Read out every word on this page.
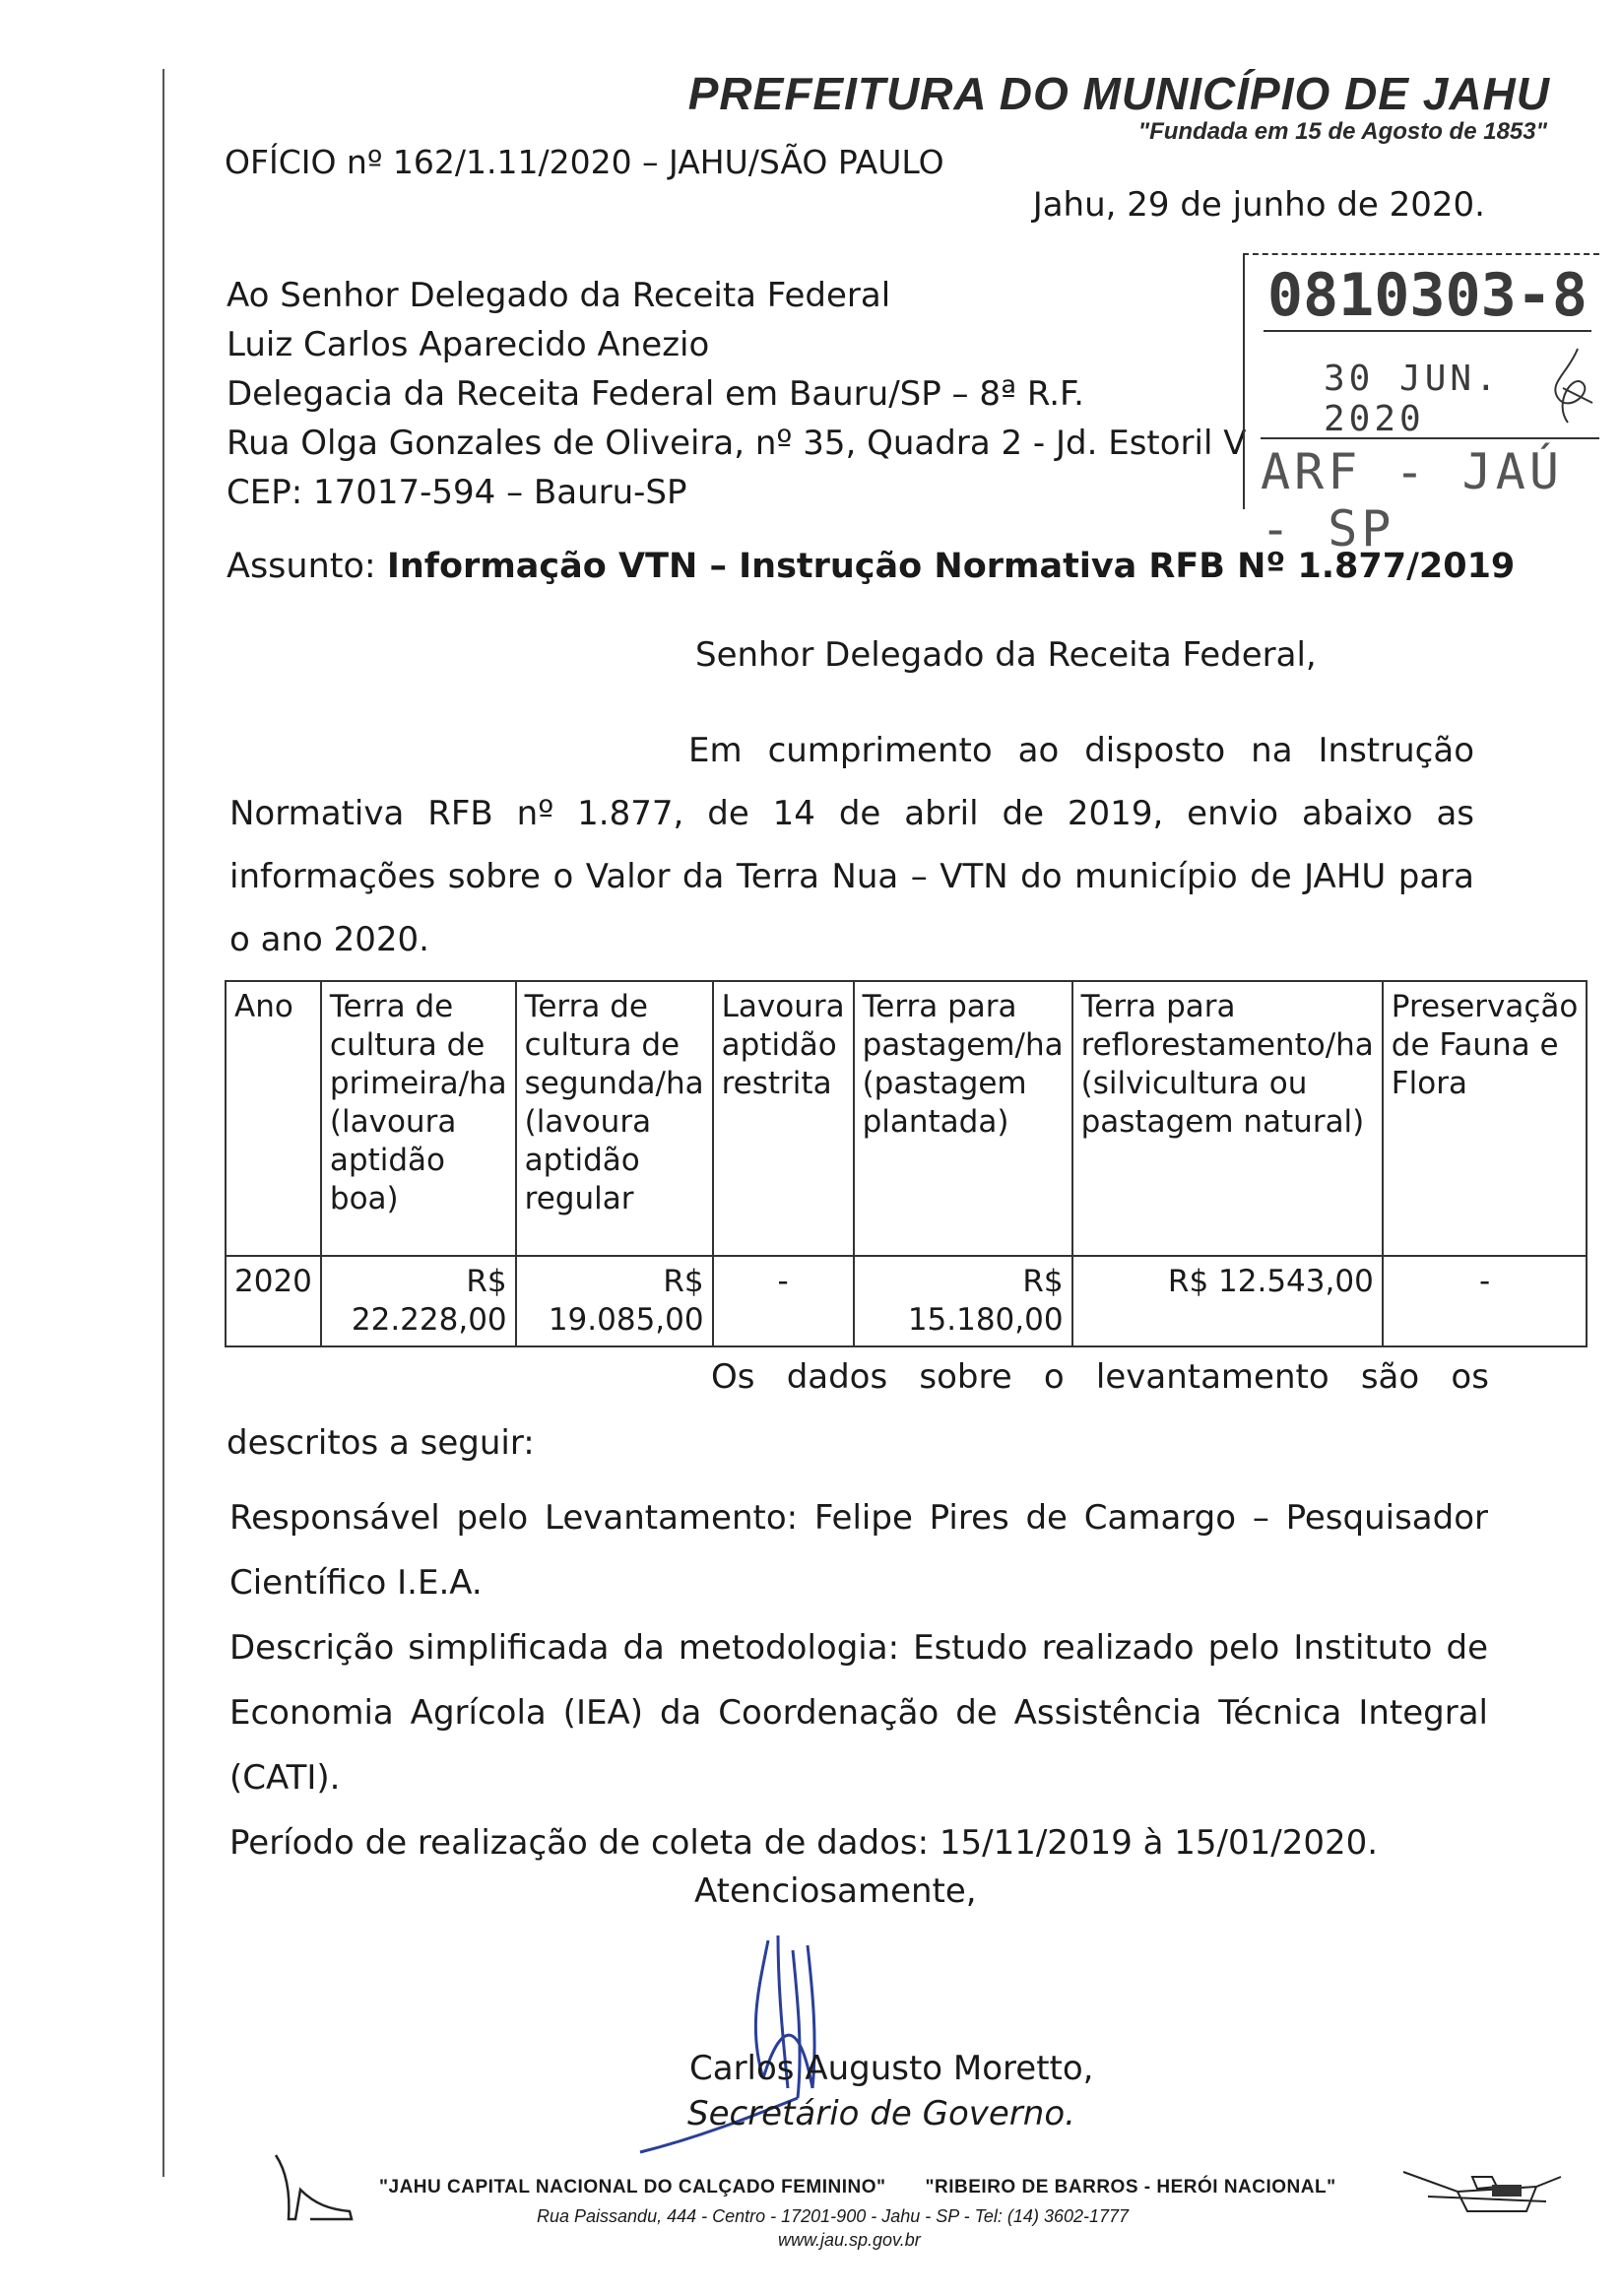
PREFEITURA DO MUNICÍPIO DE JAHU
"Fundada em 15 de Agosto de 1853"
OFÍCIO nº 162/1.11/2020 – JAHU/SÃO PAULO
Jahu, 29 de junho de 2020.
Ao Senhor Delegado da Receita Federal
Luiz Carlos Aparecido Anezio
Delegacia da Receita Federal em Bauru/SP – 8ª R.F.
Rua Olga Gonzales de Oliveira, nº 35, Quadra 2 - Jd. Estoril V
CEP: 17017-594 – Bauru-SP
0810303-8
30 JUN. 2020
ARF - JAÚ - SP
Assunto: Informação VTN – Instrução Normativa RFB Nº 1.877/2019
Senhor Delegado da Receita Federal,
Em cumprimento ao disposto na Instrução Normativa RFB nº 1.877, de 14 de abril de 2019, envio abaixo as informações sobre o Valor da Terra Nua – VTN do município de JAHU para o ano 2020.
Ano	Terra de cultura de primeira/ha (lavoura aptidão boa)	Terra de cultura de segunda/ha (lavoura aptidão regular	Lavoura aptidão restrita	Terra para pastagem/ha (pastagem plantada)	Terra para reflorestamento/ha (silvicultura ou pastagem natural)	Preservação de Fauna e Flora
2020	R$ 22.228,00	R$ 19.085,00	-	R$ 15.180,00	R$ 12.543,00	-
Os dados sobre o levantamento são os
descritos a seguir:
Responsável pelo Levantamento: Felipe Pires de Camargo – Pesquisador Científico I.E.A.
Descrição simplificada da metodologia: Estudo realizado pelo Instituto de Economia Agrícola (IEA) da Coordenação de Assistência Técnica Integral (CATI).
Período de realização de coleta de dados: 15/11/2019 à 15/01/2020.
Atenciosamente,
Carlos Augusto Moretto,
Secretário de Governo.
"JAHU CAPITAL NACIONAL DO CALÇADO FEMININO" "RIBEIRO DE BARROS - HERÓI NACIONAL"
Rua Paissandu, 444 - Centro - 17201-900 - Jahu - SP - Tel: (14) 3602-1777
www.jau.sp.gov.br
